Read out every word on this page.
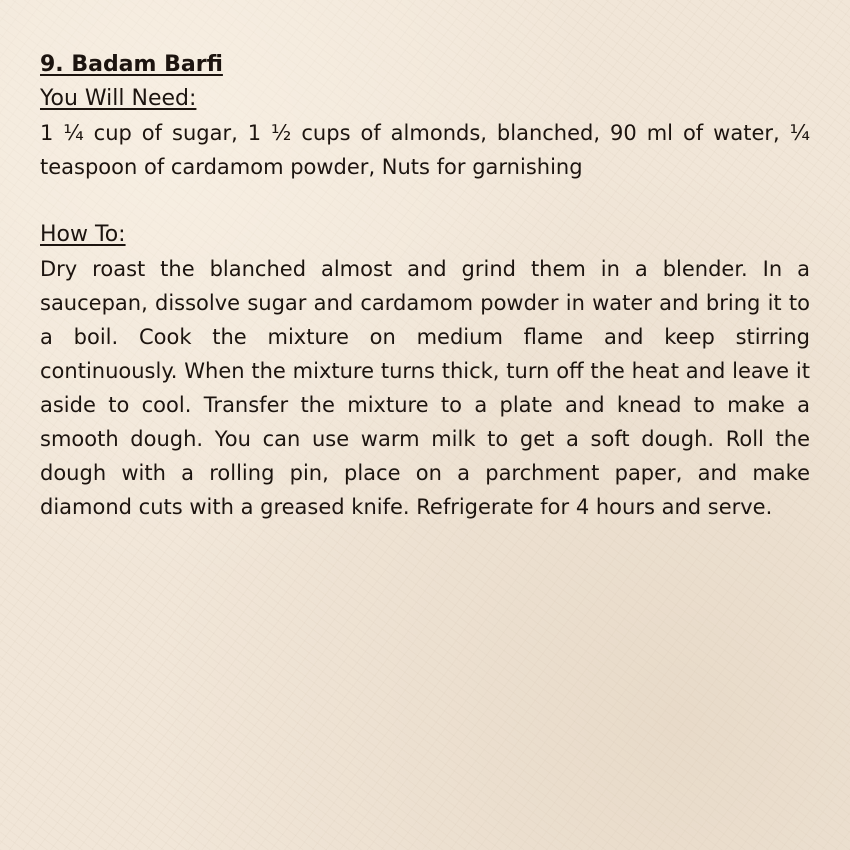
9. Badam Barfi
You Will Need:

1 ¼ cup of sugar, 1 ½ cups of almonds, blanched, 90 ml of water, ¼ teaspoon of cardamom powder, Nuts for garnishing

How To:

Dry roast the blanched almost and grind them in a blender. In a saucepan, dissolve sugar and cardamom powder in water and bring it to a boil. Cook the mixture on medium flame and keep stirring continuously. When the mixture turns thick, turn off the heat and leave it aside to cool. Transfer the mixture to a plate and knead to make a smooth dough. You can use warm milk to get a soft dough. Roll the dough with a rolling pin, place on a parchment paper, and make diamond cuts with a greased knife. Refrigerate for 4 hours and serve.
